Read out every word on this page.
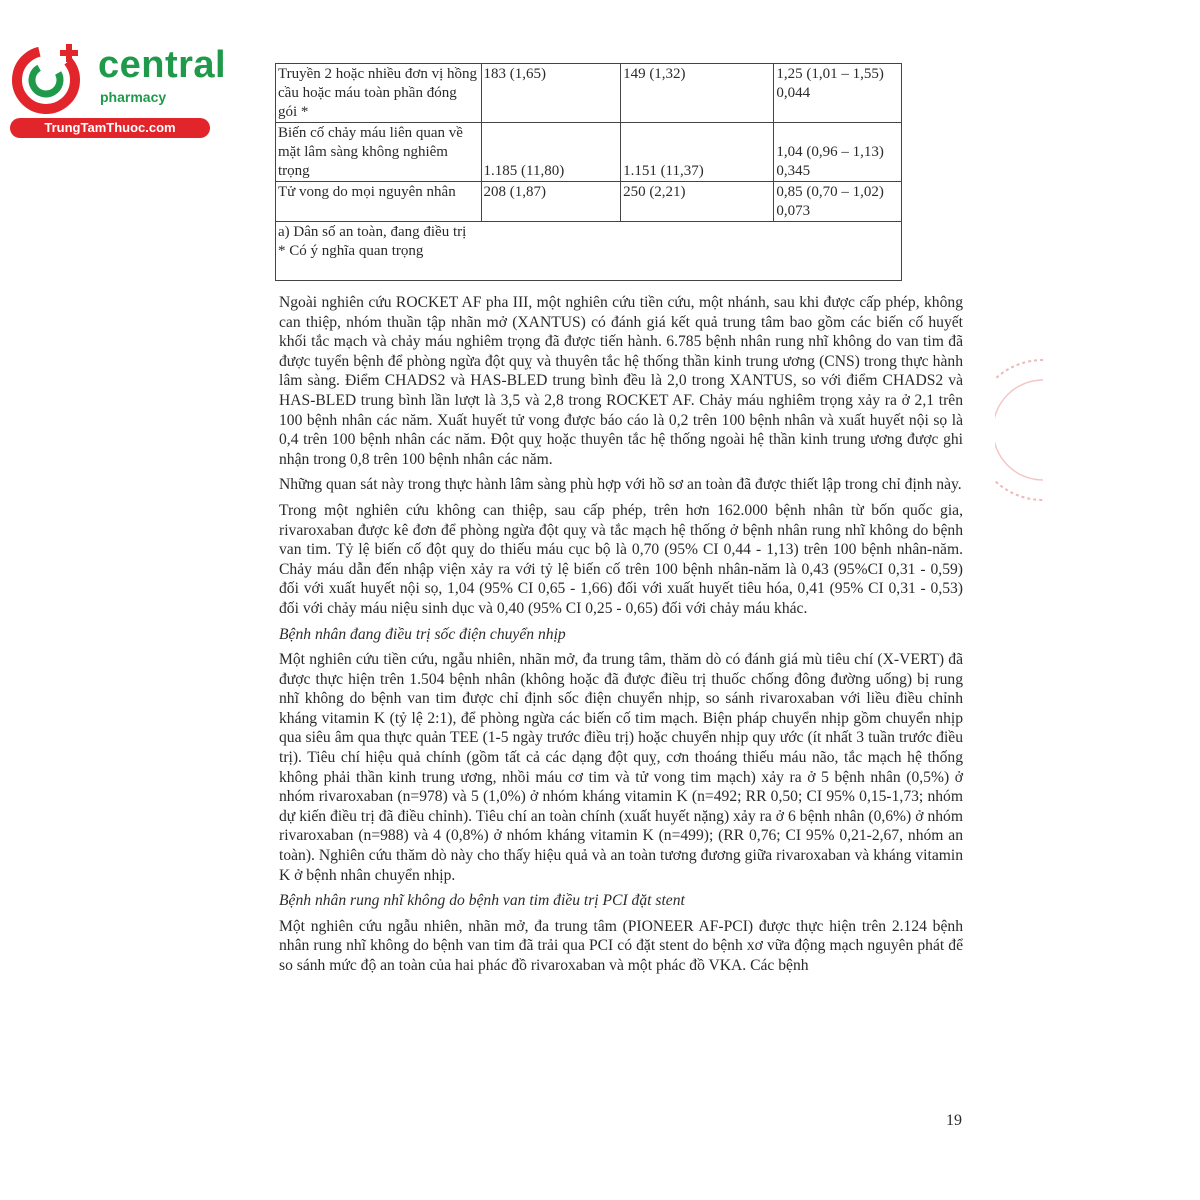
central
pharmacy
TrungTamThuoc.com
Truyền 2 hoặc nhiều đơn vị hồng cầu hoặc máu toàn phần đóng gói *	183 (1,65)	149 (1,32)	1,25 (1,01 – 1,55) 0,044
Biến cố chảy máu liên quan về mặt lâm sàng không nghiêm trọng	1.185 (11,80)	1.151 (11,37)	1,04 (0,96 – 1,13) 0,345
Tử vong do mọi nguyên nhân	208 (1,87)	250 (2,21)	0,85 (0,70 – 1,02) 0,073

a) Dân số an toàn, đang điều trị
* Có ý nghĩa quan trọng			

Ngoài nghiên cứu ROCKET AF pha III, một nghiên cứu tiền cứu, một nhánh, sau khi được cấp phép, không can thiệp, nhóm thuần tập nhãn mở (XANTUS) có đánh giá kết quả trung tâm bao gồm các biến cố huyết khối tắc mạch và chảy máu nghiêm trọng đã được tiến hành. 6.785 bệnh nhân rung nhĩ không do van tim đã được tuyển bệnh để phòng ngừa đột quỵ và thuyên tắc hệ thống thần kinh trung ương (CNS) trong thực hành lâm sàng. Điểm CHADS2 và HAS-BLED trung bình đều là 2,0 trong XANTUS, so với điểm CHADS2 và HAS-BLED trung bình lần lượt là 3,5 và 2,8 trong ROCKET AF. Chảy máu nghiêm trọng xảy ra ở 2,1 trên 100 bệnh nhân các năm. Xuất huyết tử vong được báo cáo là 0,2 trên 100 bệnh nhân và xuất huyết nội sọ là 0,4 trên 100 bệnh nhân các năm. Đột quỵ hoặc thuyên tắc hệ thống ngoài hệ thần kinh trung ương được ghi nhận trong 0,8 trên 100 bệnh nhân các năm.

Những quan sát này trong thực hành lâm sàng phù hợp với hồ sơ an toàn đã được thiết lập trong chỉ định này.

Trong một nghiên cứu không can thiệp, sau cấp phép, trên hơn 162.000 bệnh nhân từ bốn quốc gia, rivaroxaban được kê đơn để phòng ngừa đột quỵ và tắc mạch hệ thống ở bệnh nhân rung nhĩ không do bệnh van tim. Tỷ lệ biến cố đột quỵ do thiếu máu cục bộ là 0,70 (95% CI 0,44 - 1,13) trên 100 bệnh nhân-năm. Chảy máu dẫn đến nhập viện xảy ra với tỷ lệ biến cố trên 100 bệnh nhân-năm là 0,43 (95%CI 0,31 - 0,59) đối với xuất huyết nội sọ, 1,04 (95% CI 0,65 - 1,66) đối với xuất huyết tiêu hóa, 0,41 (95% CI 0,31 - 0,53) đối với chảy máu niệu sinh dục và 0,40 (95% CI 0,25 - 0,65) đối với chảy máu khác.

Bệnh nhân đang điều trị sốc điện chuyển nhịp

Một nghiên cứu tiền cứu, ngẫu nhiên, nhãn mở, đa trung tâm, thăm dò có đánh giá mù tiêu chí (X-VERT) đã được thực hiện trên 1.504 bệnh nhân (không hoặc đã được điều trị thuốc chống đông đường uống) bị rung nhĩ không do bệnh van tim được chỉ định sốc điện chuyển nhịp, so sánh rivaroxaban với liều điều chỉnh kháng vitamin K (tỷ lệ 2:1), để phòng ngừa các biến cố tim mạch. Biện pháp chuyển nhịp gồm chuyển nhịp qua siêu âm qua thực quản TEE (1-5 ngày trước điều trị) hoặc chuyển nhịp quy ước (ít nhất 3 tuần trước điều trị). Tiêu chí hiệu quả chính (gồm tất cả các dạng đột quỵ, cơn thoáng thiếu máu não, tắc mạch hệ thống không phải thần kinh trung ương, nhồi máu cơ tim và tử vong tim mạch) xảy ra ở 5 bệnh nhân (0,5%) ở nhóm rivaroxaban (n=978) và 5 (1,0%) ở nhóm kháng vitamin K (n=492; RR 0,50; CI 95% 0,15-1,73; nhóm dự kiến điều trị đã điều chỉnh). Tiêu chí an toàn chính (xuất huyết nặng) xảy ra ở 6 bệnh nhân (0,6%) ở nhóm rivaroxaban (n=988) và 4 (0,8%) ở nhóm kháng vitamin K (n=499); (RR 0,76; CI 95% 0,21-2,67, nhóm an toàn). Nghiên cứu thăm dò này cho thấy hiệu quả và an toàn tương đương giữa rivaroxaban và kháng vitamin K ở bệnh nhân chuyển nhịp.

Bệnh nhân rung nhĩ không do bệnh van tim điều trị PCI đặt stent

Một nghiên cứu ngẫu nhiên, nhãn mở, đa trung tâm (PIONEER AF-PCI) được thực hiện trên 2.124 bệnh nhân rung nhĩ không do bệnh van tim đã trải qua PCI có đặt stent do bệnh xơ vữa động mạch nguyên phát để so sánh mức độ an toàn của hai phác đồ rivaroxaban và một phác đồ VKA. Các bệnh

19
